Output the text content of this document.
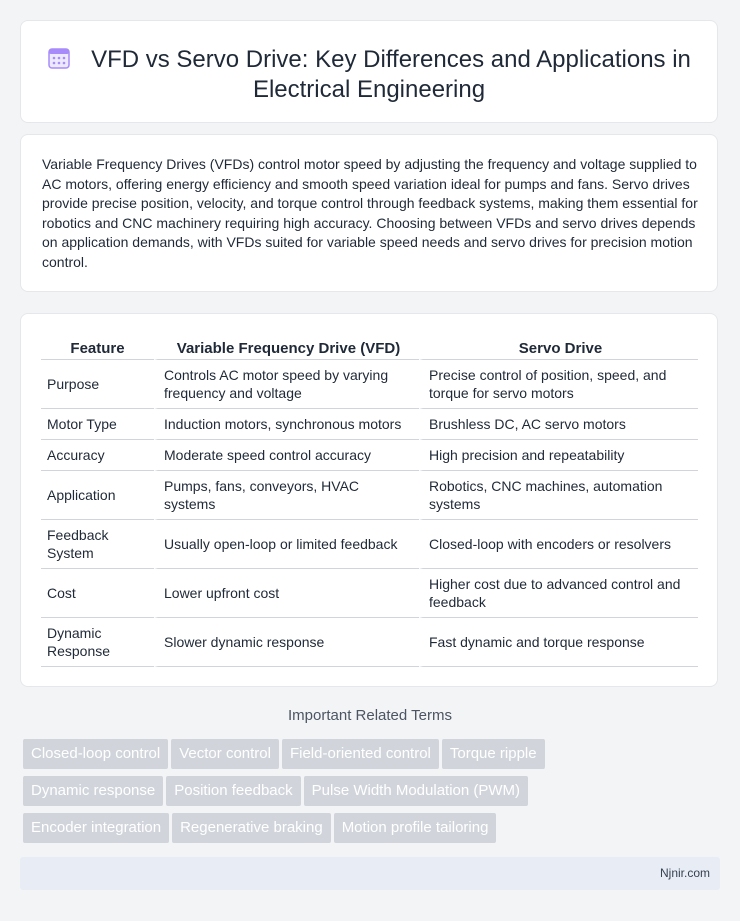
VFD vs Servo Drive: Key Differences and Applications in Electrical Engineering
Variable Frequency Drives (VFDs) control motor speed by adjusting the frequency and voltage supplied to AC motors, offering energy efficiency and smooth speed variation ideal for pumps and fans. Servo drives provide precise position, velocity, and torque control through feedback systems, making them essential for robotics and CNC machinery requiring high accuracy. Choosing between VFDs and servo drives depends on application demands, with VFDs suited for variable speed needs and servo drives for precision motion control.
Feature	Variable Frequency Drive (VFD)	Servo Drive
Purpose	Controls AC motor speed by varying frequency and voltage	Precise control of position, speed, and torque for servo motors
Motor Type	Induction motors, synchronous motors	Brushless DC, AC servo motors
Accuracy	Moderate speed control accuracy	High precision and repeatability
Application	Pumps, fans, conveyors, HVAC systems	Robotics, CNC machines, automation systems
Feedback System	Usually open-loop or limited feedback	Closed-loop with encoders or resolvers
Cost	Lower upfront cost	Higher cost due to advanced control and feedback
Dynamic Response	Slower dynamic response	Fast dynamic and torque response
Important Related Terms
Closed-loop control Vector control Field-oriented control Torque ripple
Dynamic response Position feedback Pulse Width Modulation (PWM)
Encoder integration Regenerative braking Motion profile tailoring
Njnir.com
